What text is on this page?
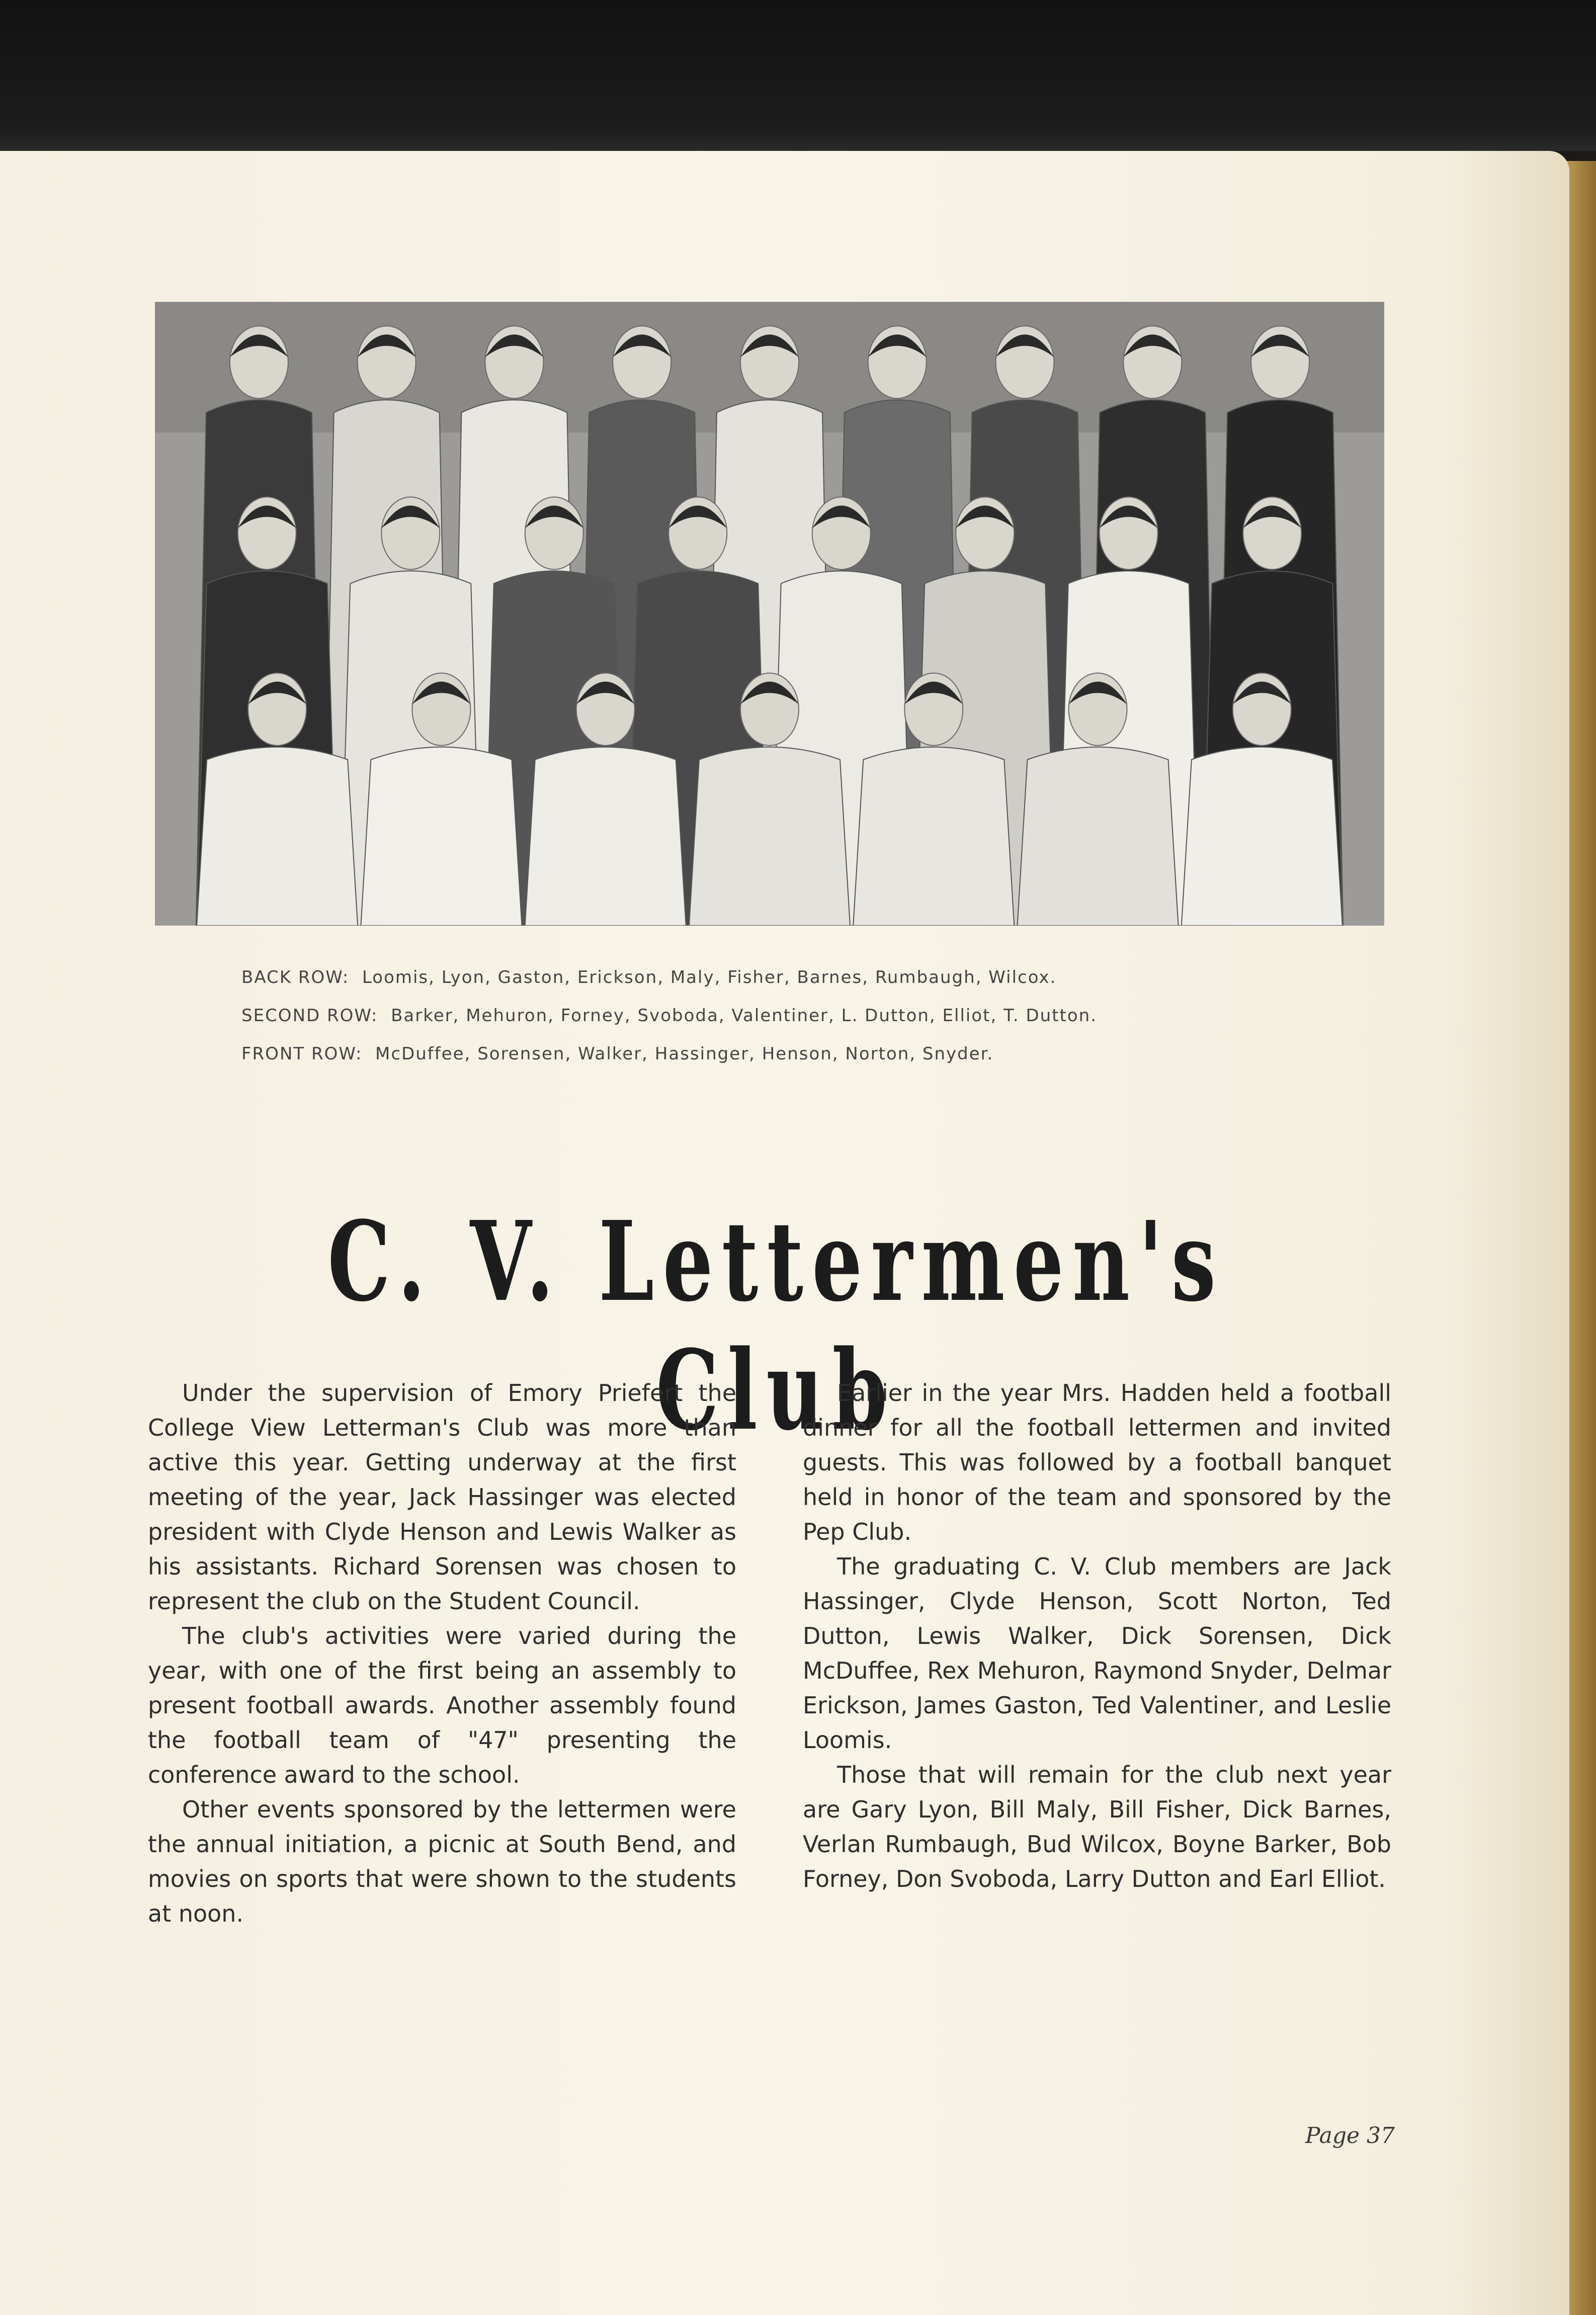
BACK ROW: Loomis, Lyon, Gaston, Erickson, Maly, Fisher, Barnes, Rumbaugh, Wilcox.
SECOND ROW: Barker, Mehuron, Forney, Svoboda, Valentiner, L. Dutton, Elliot, T. Dutton.
FRONT ROW: McDuffee, Sorensen, Walker, Hassinger, Henson, Norton, Snyder.
C. V. Lettermen's Club

Under the supervision of Emory Priefert the College View Letterman's Club was more than active this year. Getting underway at the first meeting of the year, Jack Hassinger was elected president with Clyde Henson and Lewis Walker as his assistants. Richard Sorensen was chosen to represent the club on the Student Council.

The club's activities were varied during the year, with one of the first being an assembly to present football awards. Another assembly found the football team of "47" presenting the conference award to the school.

Other events sponsored by the lettermen were the annual initiation, a picnic at South Bend, and movies on sports that were shown to the students at noon.

Earlier in the year Mrs. Hadden held a football dinner for all the football lettermen and invited guests. This was followed by a football banquet held in honor of the team and sponsored by the Pep Club.

The graduating C. V. Club members are Jack Hassinger, Clyde Henson, Scott Norton, Ted Dutton, Lewis Walker, Dick Sorensen, Dick McDuffee, Rex Mehuron, Raymond Snyder, Delmar Erickson, James Gaston, Ted Valentiner, and Leslie Loomis.

Those that will remain for the club next year are Gary Lyon, Bill Maly, Bill Fisher, Dick Barnes, Verlan Rumbaugh, Bud Wilcox, Boyne Barker, Bob Forney, Don Svoboda, Larry Dutton and Earl Elliot.

Page 37
